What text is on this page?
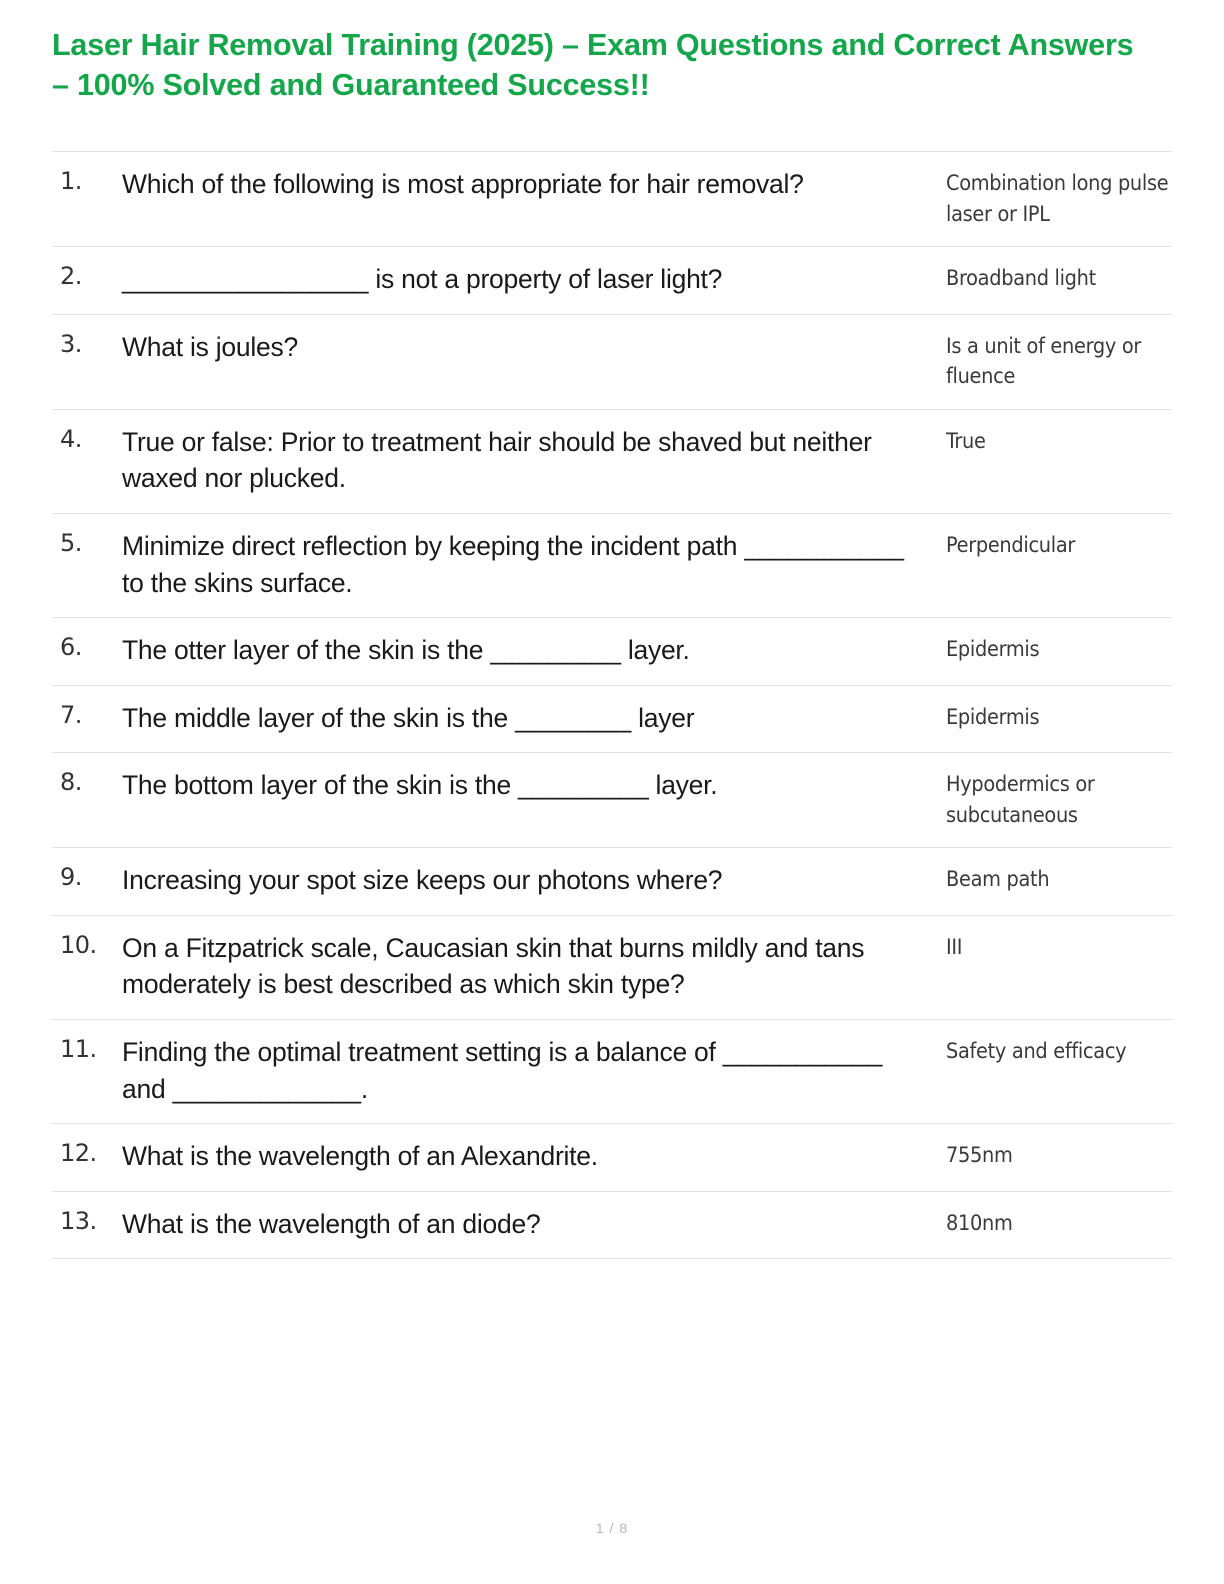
Laser Hair Removal Training (2025) – Exam Questions and Correct Answers – 100% Solved and Guaranteed Success!!
1.	Which of the following is most appropriate for hair removal?	Combination long pulse laser or IPL
2.	_________________ is not a property of laser light?	Broadband light
3.	What is joules?	Is a unit of energy or fluence
4.	True or false: Prior to treatment hair should be shaved but neither waxed nor plucked.	True
5.	Minimize direct reflection by keeping the incident path ___________ to the skins surface.	Perpendicular
6.	The otter layer of the skin is the _________ layer.	Epidermis
7.	The middle layer of the skin is the ________ layer	Epidermis
8.	The bottom layer of the skin is the _________ layer.	Hypodermics or subcutaneous
9.	Increasing your spot size keeps our photons where?	Beam path
10.	On a Fitzpatrick scale, Caucasian skin that burns mildly and tans moderately is best described as which skin type?	III
11.	Finding the optimal treatment setting is a balance of ___________ and _____________.	Safety and efficacy
12.	What is the wavelength of an Alexandrite.	755nm
13.	What is the wavelength of an diode?	810nm
1 / 8
